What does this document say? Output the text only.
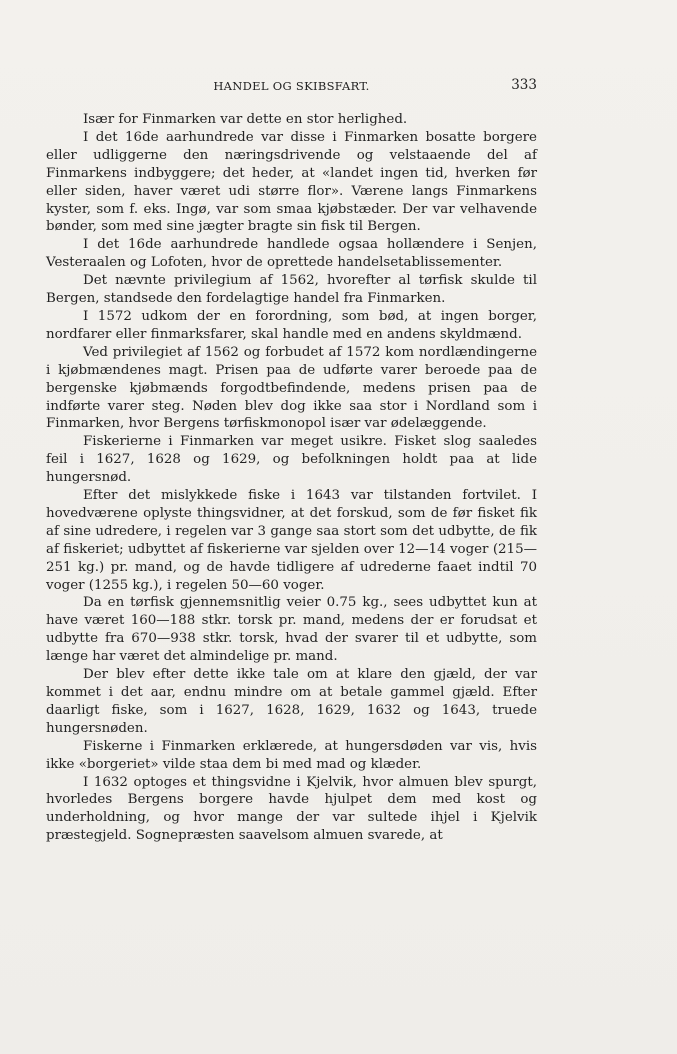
HANDEL OG SKIBSFART.	333

Især for Finmarken var dette en stor herlighed.

I det 16de aarhundrede var disse i Finmarken bosatte borgere eller udliggerne den næringsdrivende og velstaaende del af Finmarkens indbyggere; det heder, at «landet ingen tid, hverken før eller siden, haver været udi større flor». Værene langs Finmarkens kyster, som f. eks. Ingø, var som smaa kjøbstæder. Der var velhavende bønder, som med sine jægter bragte sin fisk til Bergen.

I det 16de aarhundrede handlede ogsaa hollændere i Senjen, Vesteraalen og Lofoten, hvor de oprettede handelsetablissementer.

Det nævnte privilegium af 1562, hvorefter al tørfisk skulde til Bergen, standsede den fordelagtige handel fra Finmarken.

I 1572 udkom der en forordning, som bød, at ingen borger, nordfarer eller finmarksfarer, skal handle med en andens skyldmænd.

Ved privilegiet af 1562 og forbudet af 1572 kom nordlændingerne i kjøbmændenes magt. Prisen paa de udførte varer beroede paa de bergenske kjøbmænds forgodtbefindende, medens prisen paa de indførte varer steg. Nøden blev dog ikke saa stor i Nordland som i Finmarken, hvor Bergens tørfiskmonopol især var ødelæggende.

Fiskerierne i Finmarken var meget usikre. Fisket slog saaledes feil i 1627, 1628 og 1629, og befolkningen holdt paa at lide hungersnød.

Efter det mislykkede fiske i 1643 var tilstanden fortvilet. I hovedværene oplyste thingsvidner, at det forskud, som de før fisket fik af sine udredere, i regelen var 3 gange saa stort som det udbytte, de fik af fiskeriet; udbyttet af fiskerierne var sjelden over 12—14 voger (215—251 kg.) pr. mand, og de havde tidligere af udrederne faaet indtil 70 voger (1255 kg.), i regelen 50—60 voger.

Da en tørfisk gjennemsnitlig veier 0.75 kg., sees udbyttet kun at have været 160—188 stkr. torsk pr. mand, medens der er forudsat et udbytte fra 670—938 stkr. torsk, hvad der svarer til et udbytte, som længe har været det almindelige pr. mand.

Der blev efter dette ikke tale om at klare den gjæld, der var kommet i det aar, endnu mindre om at betale gammel gjæld. Efter daarligt fiske, som i 1627, 1628, 1629, 1632 og 1643, truede hungersnøden.

Fiskerne i Finmarken erklærede, at hungersdøden var vis, hvis ikke «borgeriet» vilde staa dem bi med mad og klæder.

I 1632 optoges et thingsvidne i Kjelvik, hvor almuen blev spurgt, hvorledes Bergens borgere havde hjulpet dem med kost og underholdning, og hvor mange der var sultede ihjel i Kjelvik præstegjeld. Sognepræsten saavelsom almuen svarede, at
